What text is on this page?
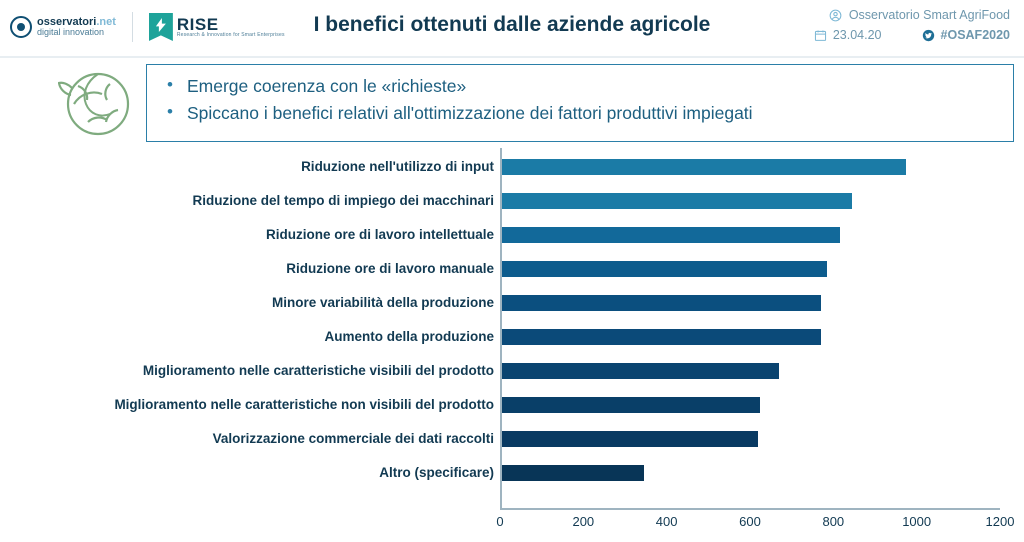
osservatori.net
digital innovation	RISE
Research & Innovation for Smart Enterprises	I benefici ottenuti dalle aziende agricole	Osservatorio Smart AgriFood
23.04.20	#OSAF2020
• Emerge coerenza con le «richieste»
• Spiccano i benefici relativi all'ottimizzazione dei fattori produttivi impiegati
Riduzione nell'utilizzo di input
Riduzione del tempo di impiego dei macchinari
Riduzione ore di lavoro intellettuale
Riduzione ore di lavoro manuale
Minore variabilità della produzione
Aumento della produzione
Miglioramento nelle caratteristiche visibili del prodotto
Miglioramento nelle caratteristiche non visibili del prodotto
Valorizzazione commerciale dei dati raccolti
Altro (specificare)
0	200	400	600	800	1000	1200
